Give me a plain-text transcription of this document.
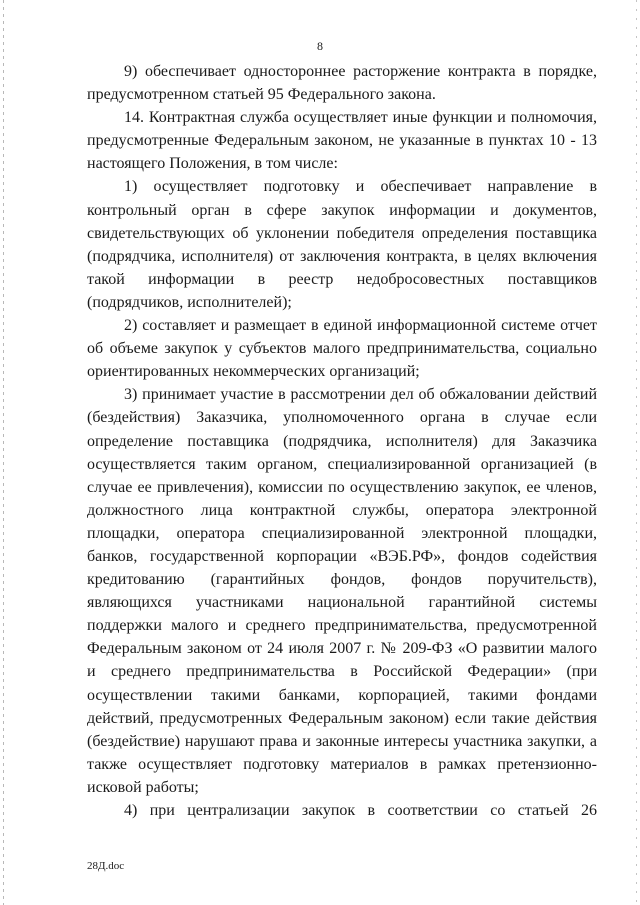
8
9) обеспечивает одностороннее расторжение контракта в порядке,
предусмотренном статьей 95 Федерального закона.
14. Контрактная служба осуществляет иные функции и полномочия,
предусмотренные Федеральным законом, не указанные в пунктах 10 - 13
настоящего Положения, в том числе:
1) осуществляет подготовку и обеспечивает направление в
контрольный орган в сфере закупок информации и документов,
свидетельствующих об уклонении победителя определения поставщика
(подрядчика, исполнителя) от заключения контракта, в целях включения
такой информации в реестр недобросовестных поставщиков
(подрядчиков, исполнителей);
2) составляет и размещает в единой информационной системе отчет
об объеме закупок у субъектов малого предпринимательства, социально
ориентированных некоммерческих организаций;
3) принимает участие в рассмотрении дел об обжаловании действий
(бездействия) Заказчика, уполномоченного органа в случае если
определение поставщика (подрядчика, исполнителя) для Заказчика
осуществляется таким органом, специализированной организацией (в
случае ее привлечения), комиссии по осуществлению закупок, ее членов,
должностного лица контрактной службы, оператора электронной
площадки, оператора специализированной электронной площадки,
банков, государственной корпорации «ВЭБ.РФ», фондов содействия
кредитованию (гарантийных фондов, фондов поручительств),
являющихся участниками национальной гарантийной системы
поддержки малого и среднего предпринимательства, предусмотренной
Федеральным законом от 24 июля 2007 г. № 209-ФЗ «О развитии малого
и среднего предпринимательства в Российской Федерации» (при
осуществлении такими банками, корпорацией, такими фондами
действий, предусмотренных Федеральным законом) если такие действия
(бездействие) нарушают права и законные интересы участника закупки, а
также осуществляет подготовку материалов в рамках претензионно-
исковой работы;
4) при централизации закупок в соответствии со статьей 26
28Д.doc
